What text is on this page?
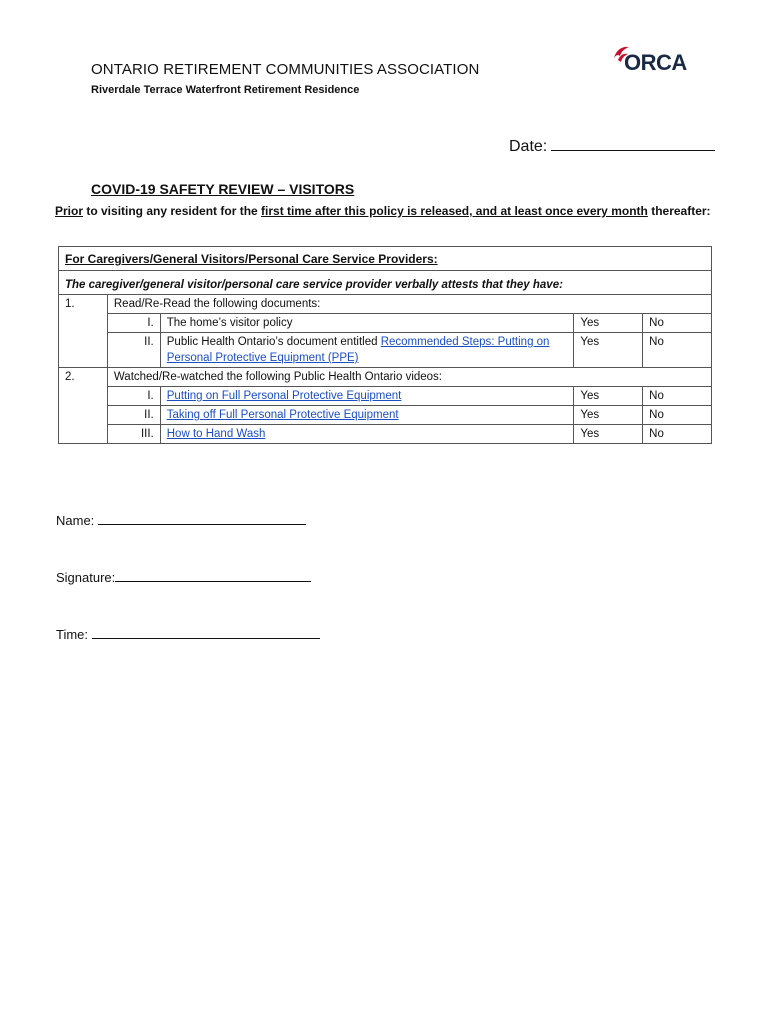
ONTARIO RETIREMENT COMMUNITIES ASSOCIATION
Riverdale Terrace Waterfront Retirement Residence
ORCA
Date:
COVID-19 SAFETY REVIEW – VISITORS
Prior to visiting any resident for the first time after this policy is released, and at least once every month thereafter:
For Caregivers/General Visitors/Personal Care Service Providers:				
The caregiver/general visitor/personal care service provider verbally attests that they have:				
1.	Read/Re-Read the following documents:			
	I.	The home’s visitor policy	Yes	No
	II.	Public Health Ontario’s document entitled Recommended Steps: Putting on Personal Protective Equipment (PPE)	Yes	No
2.	Watched/Re-watched the following Public Health Ontario videos:			
	I.	Putting on Full Personal Protective Equipment	Yes	No
	II.	Taking off Full Personal Protective Equipment	Yes	No
	III.	How to Hand Wash	Yes	No
Name:
Signature:
Time:
